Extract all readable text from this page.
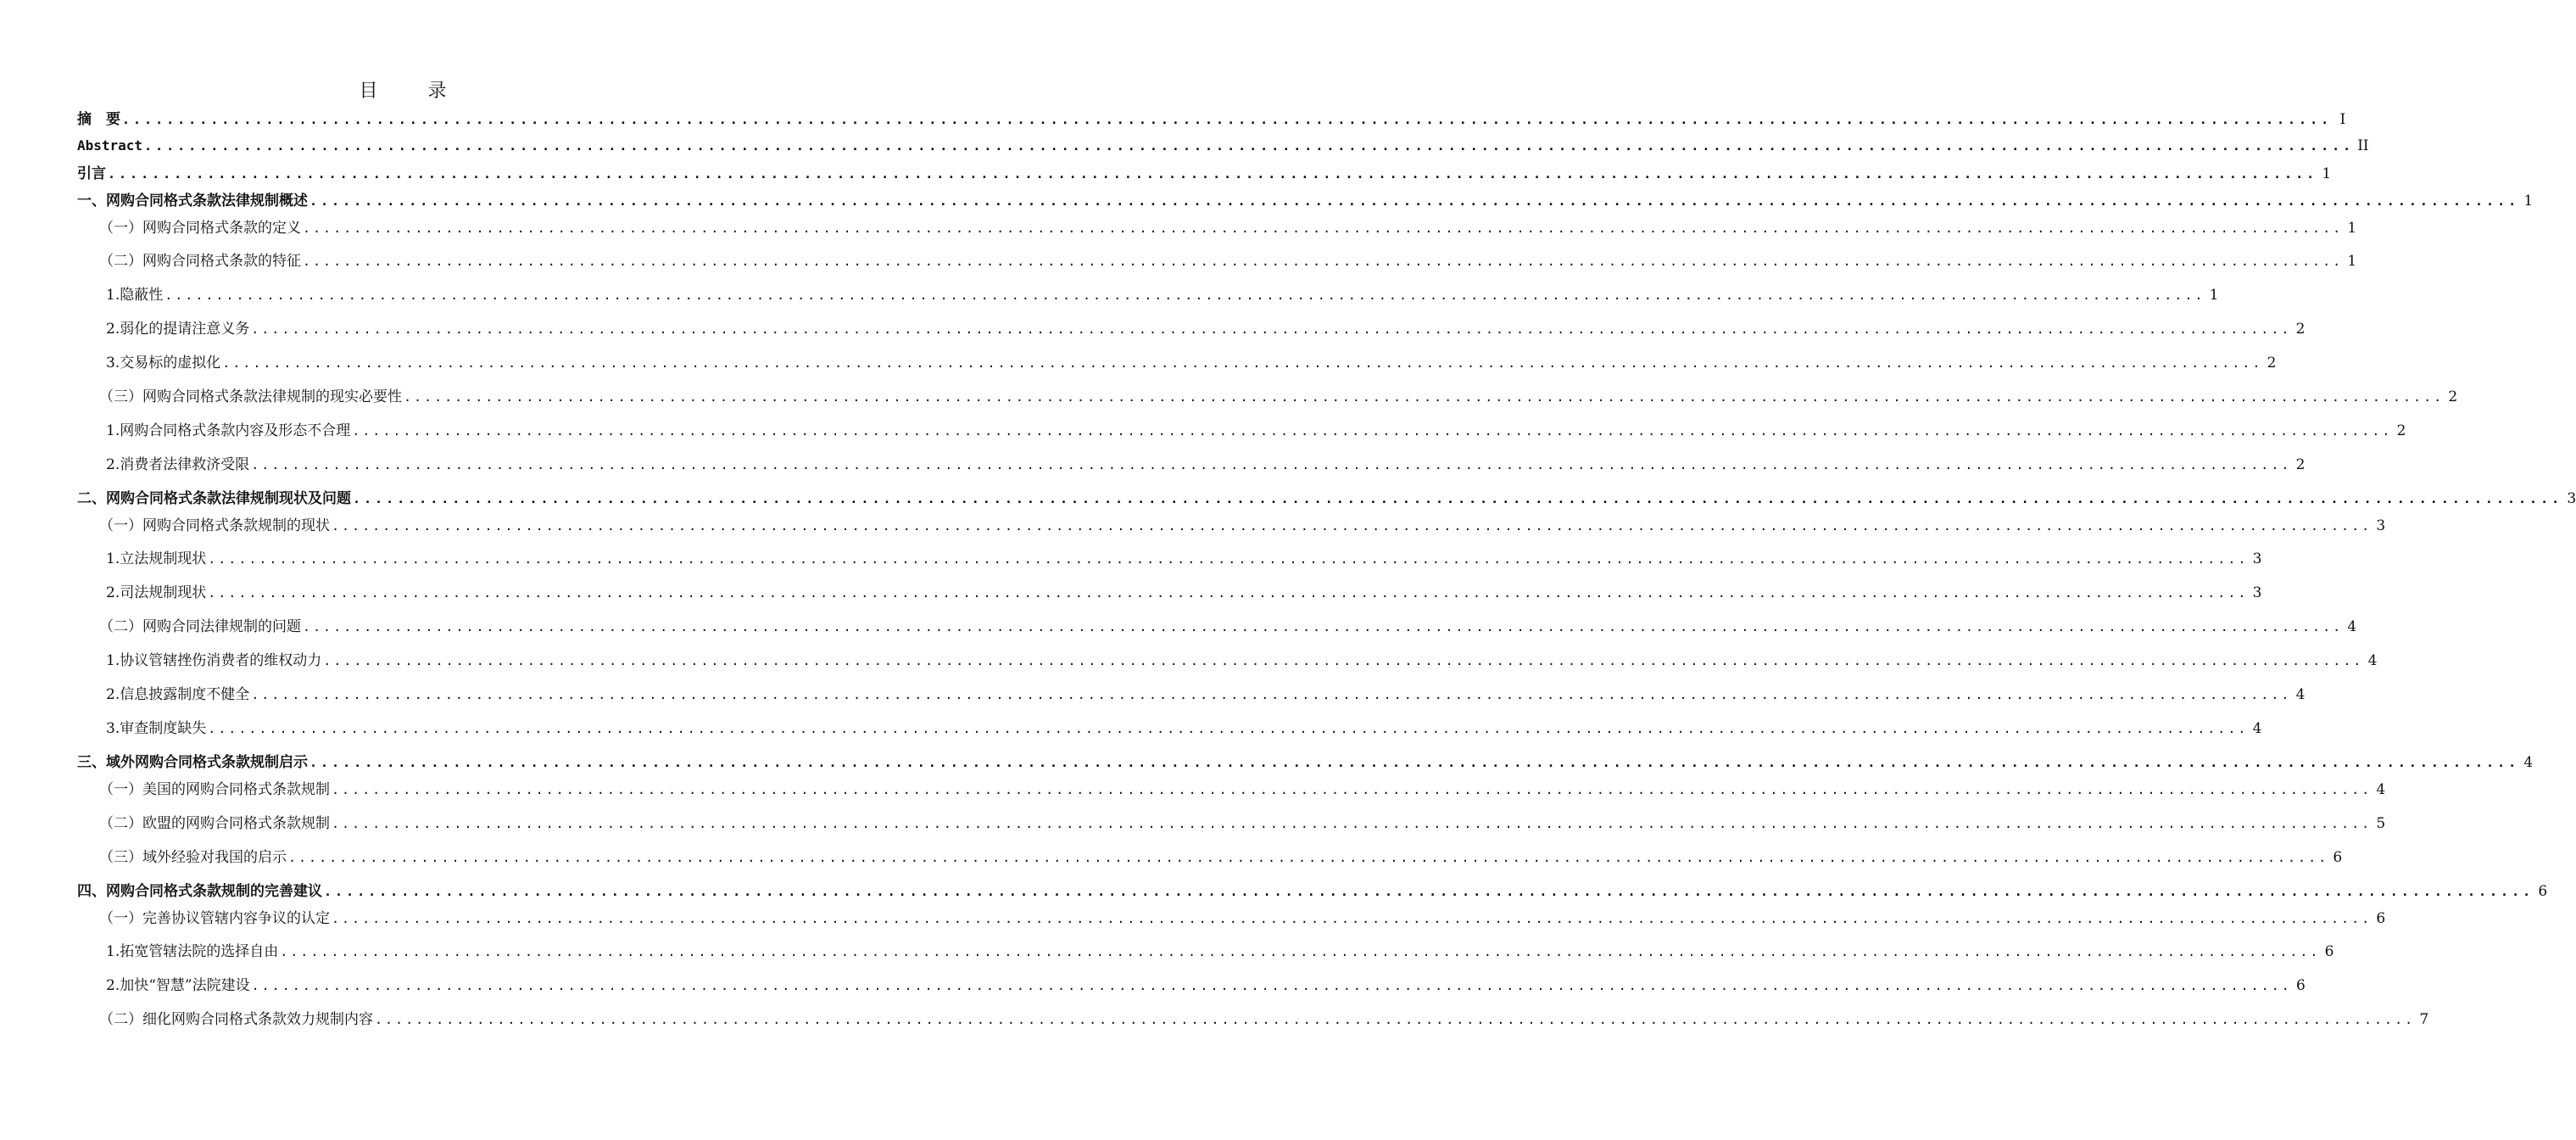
目 录
摘　要 ........................................................................................................................................................................................................ I
Abstract ........................................................................................................................................................................................................ II
引言 ........................................................................................................................................................................................................ 1
一、网购合同格式条款法律规制概述 ........................................................................................................................................................................................................ 1
（一）网购合同格式条款的定义 ........................................................................................................................................................................................................ 1
（二）网购合同格式条款的特征 ........................................................................................................................................................................................................ 1
1.隐蔽性 ........................................................................................................................................................................................................ 1
2.弱化的提请注意义务 ........................................................................................................................................................................................................ 2
3.交易标的虚拟化 ........................................................................................................................................................................................................ 2
（三）网购合同格式条款法律规制的现实必要性 ........................................................................................................................................................................................................ 2
1.网购合同格式条款内容及形态不合理 ........................................................................................................................................................................................................ 2
2.消费者法律救济受限 ........................................................................................................................................................................................................ 2
二、网购合同格式条款法律规制现状及问题 ........................................................................................................................................................................................................ 3
（一）网购合同格式条款规制的现状 ........................................................................................................................................................................................................ 3
1.立法规制现状 ........................................................................................................................................................................................................ 3
2.司法规制现状 ........................................................................................................................................................................................................ 3
（二）网购合同法律规制的问题 ........................................................................................................................................................................................................ 4
1.协议管辖挫伤消费者的维权动力 ........................................................................................................................................................................................................ 4
2.信息披露制度不健全 ........................................................................................................................................................................................................ 4
3.审查制度缺失 ........................................................................................................................................................................................................ 4
三、域外网购合同格式条款规制启示 ........................................................................................................................................................................................................ 4
（一）美国的网购合同格式条款规制 ........................................................................................................................................................................................................ 4
（二）欧盟的网购合同格式条款规制 ........................................................................................................................................................................................................ 5
（三）域外经验对我国的启示 ........................................................................................................................................................................................................ 6
四、网购合同格式条款规制的完善建议 ........................................................................................................................................................................................................ 6
（一）完善协议管辖内容争议的认定 ........................................................................................................................................................................................................ 6
1.拓宽管辖法院的选择自由 ........................................................................................................................................................................................................ 6
2.加快“智慧”法院建设 ........................................................................................................................................................................................................ 6
（二）细化网购合同格式条款效力规制内容 ........................................................................................................................................................................................................ 7
